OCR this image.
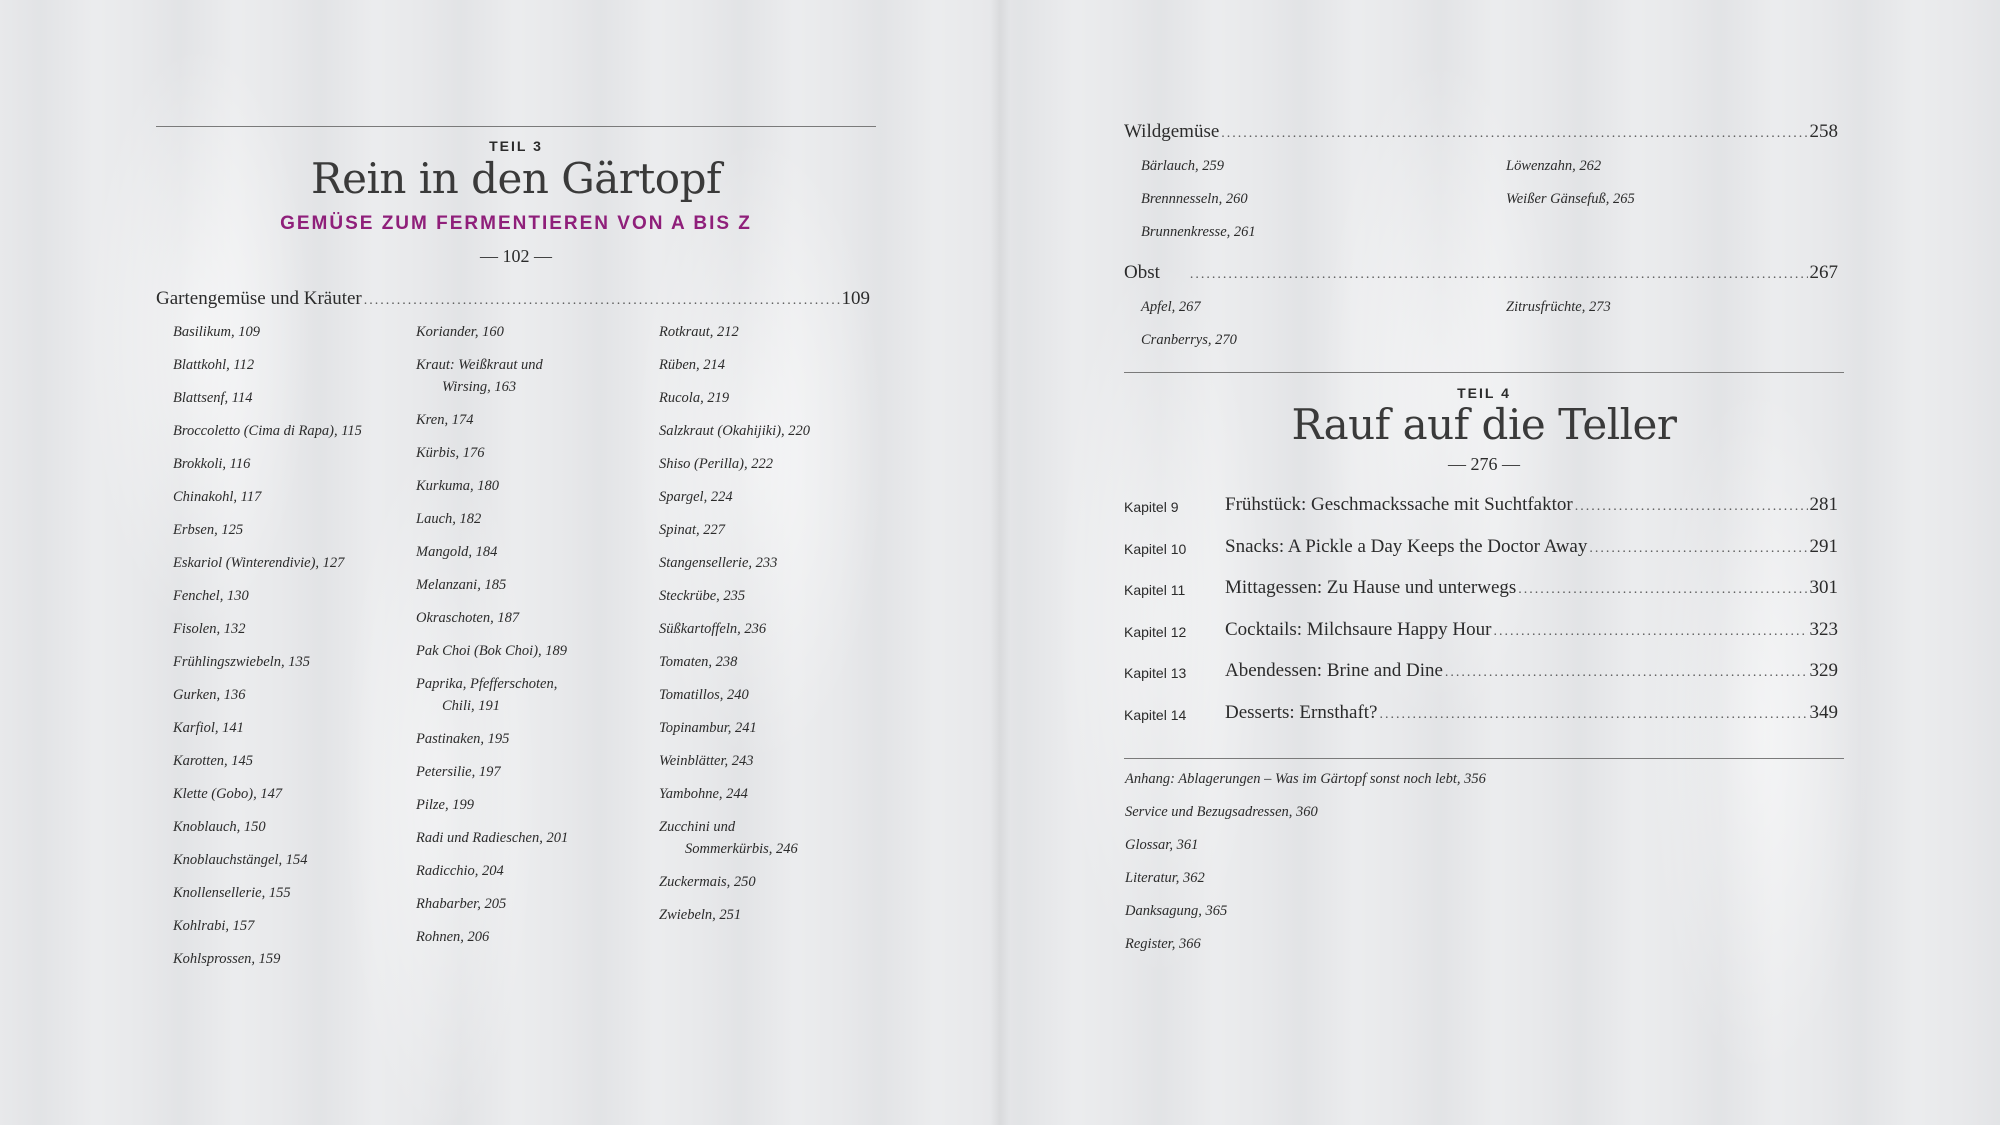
TEIL 3
Rein in den Gärtopf
GEMÜSE ZUM FERMENTIEREN VON A BIS Z
— 102 —
Gartengemüse und Kräuter .....	109
Basilikum, 109
Blattkohl, 112
Blattsenf, 114
Broccoletto (Cima di Rapa), 115
Brokkoli, 116
Chinakohl, 117
Erbsen, 125
Eskariol (Winterendivie), 127
Fenchel, 130
Fisolen, 132
Frühlingszwiebeln, 135
Gurken, 136
Karfiol, 141
Karotten, 145
Klette (Gobo), 147
Knoblauch, 150
Knoblauchstängel, 154
Knollensellerie, 155
Kohlrabi, 157
Kohlsprossen, 159
Koriander, 160
Kraut: Weißkraut und
Wirsing, 163
Kren, 174
Kürbis, 176
Kurkuma, 180
Lauch, 182
Mangold, 184
Melanzani, 185
Okraschoten, 187
Pak Choi (Bok Choi), 189
Paprika, Pfefferschoten,
Chili, 191
Pastinaken, 195
Petersilie, 197
Pilze, 199
Radi und Radieschen, 201
Radicchio, 204
Rhabarber, 205
Rohnen, 206
Rotkraut, 212
Rüben, 214
Rucola, 219
Salzkraut (Okahijiki), 220
Shiso (Perilla), 222
Spargel, 224
Spinat, 227
Stangensellerie, 233
Steckrübe, 235
Süßkartoffeln, 236
Tomaten, 238
Tomatillos, 240
Topinambur, 241
Weinblätter, 243
Yambohne, 244
Zucchini und
Sommerkürbis, 246
Zuckermais, 250
Zwiebeln, 251
Wildgemüse .....	258
Bärlauch, 259
Brennnesseln, 260
Brunnenkresse, 261
Löwenzahn, 262
Weißer Gänsefuß, 265
Obst .....	267
Apfel, 267
Cranberrys, 270
Zitrusfrüchte, 273
TEIL 4
Rauf auf die Teller
— 276 —
Kapitel 9 Frühstück: Geschmackssache mit Suchtfaktor .....	281
Kapitel 10 Snacks: A Pickle a Day Keeps the Doctor Away .....	291
Kapitel 11 Mittagessen: Zu Hause und unterwegs .....	301
Kapitel 12 Cocktails: Milchsaure Happy Hour .....	323
Kapitel 13 Abendessen: Brine and Dine .....	329
Kapitel 14 Desserts: Ernsthaft? .....	349
Anhang: Ablagerungen – Was im Gärtopf sonst noch lebt, 356
Service und Bezugsadressen, 360
Glossar, 361
Literatur, 362
Danksagung, 365
Register, 366
